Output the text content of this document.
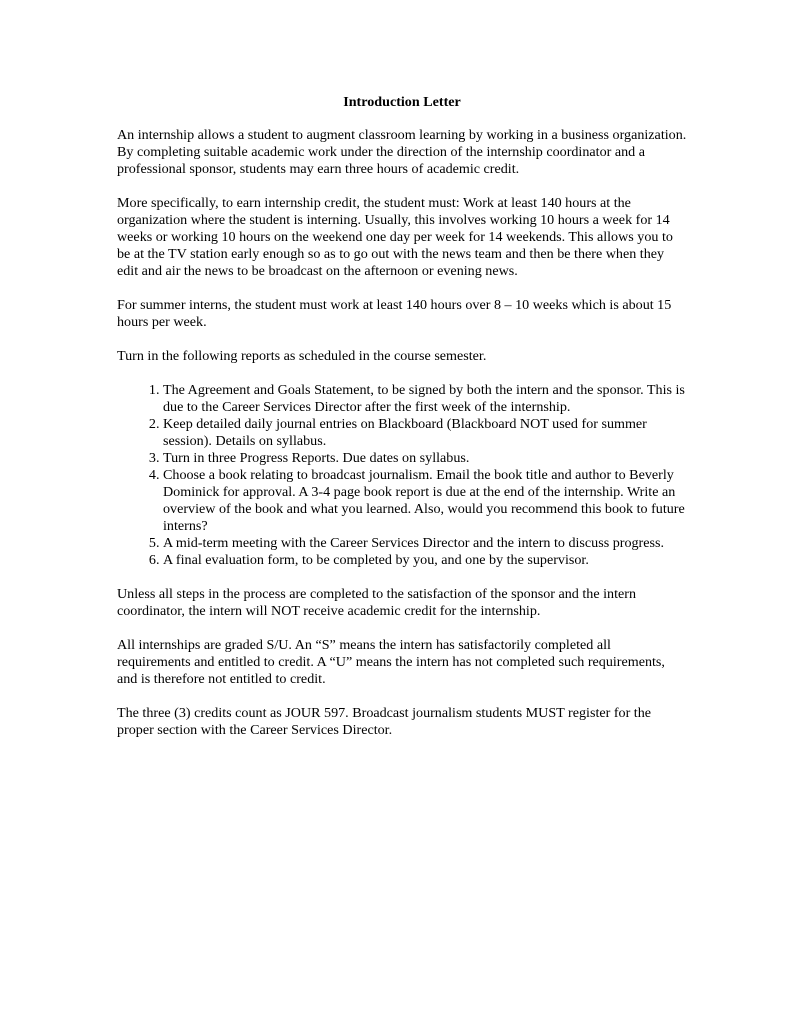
Introduction Letter

An internship allows a student to augment classroom learning by working in a business organization. By completing suitable academic work under the direction of the internship coordinator and a professional sponsor, students may earn three hours of academic credit.

More specifically, to earn internship credit, the student must: Work at least 140 hours at the organization where the student is interning. Usually, this involves working 10 hours a week for 14 weeks or working 10 hours on the weekend one day per week for 14 weekends. This allows you to be at the TV station early enough so as to go out with the news team and then be there when they edit and air the news to be broadcast on the afternoon or evening news.

For summer interns, the student must work at least 140 hours over 8 – 10 weeks which is about 15 hours per week.

Turn in the following reports as scheduled in the course semester.

1. The Agreement and Goals Statement, to be signed by both the intern and the sponsor. This is due to the Career Services Director after the first week of the internship.
2. Keep detailed daily journal entries on Blackboard (Blackboard NOT used for summer session). Details on syllabus.
3. Turn in three Progress Reports. Due dates on syllabus.
4. Choose a book relating to broadcast journalism. Email the book title and author to Beverly Dominick for approval. A 3-4 page book report is due at the end of the internship. Write an overview of the book and what you learned. Also, would you recommend this book to future interns?
5. A mid-term meeting with the Career Services Director and the intern to discuss progress.
6. A final evaluation form, to be completed by you, and one by the supervisor.

Unless all steps in the process are completed to the satisfaction of the sponsor and the intern coordinator, the intern will NOT receive academic credit for the internship.

All internships are graded S/U. An “S” means the intern has satisfactorily completed all requirements and entitled to credit. A “U” means the intern has not completed such requirements, and is therefore not entitled to credit.

The three (3) credits count as JOUR 597. Broadcast journalism students MUST register for the proper section with the Career Services Director.
